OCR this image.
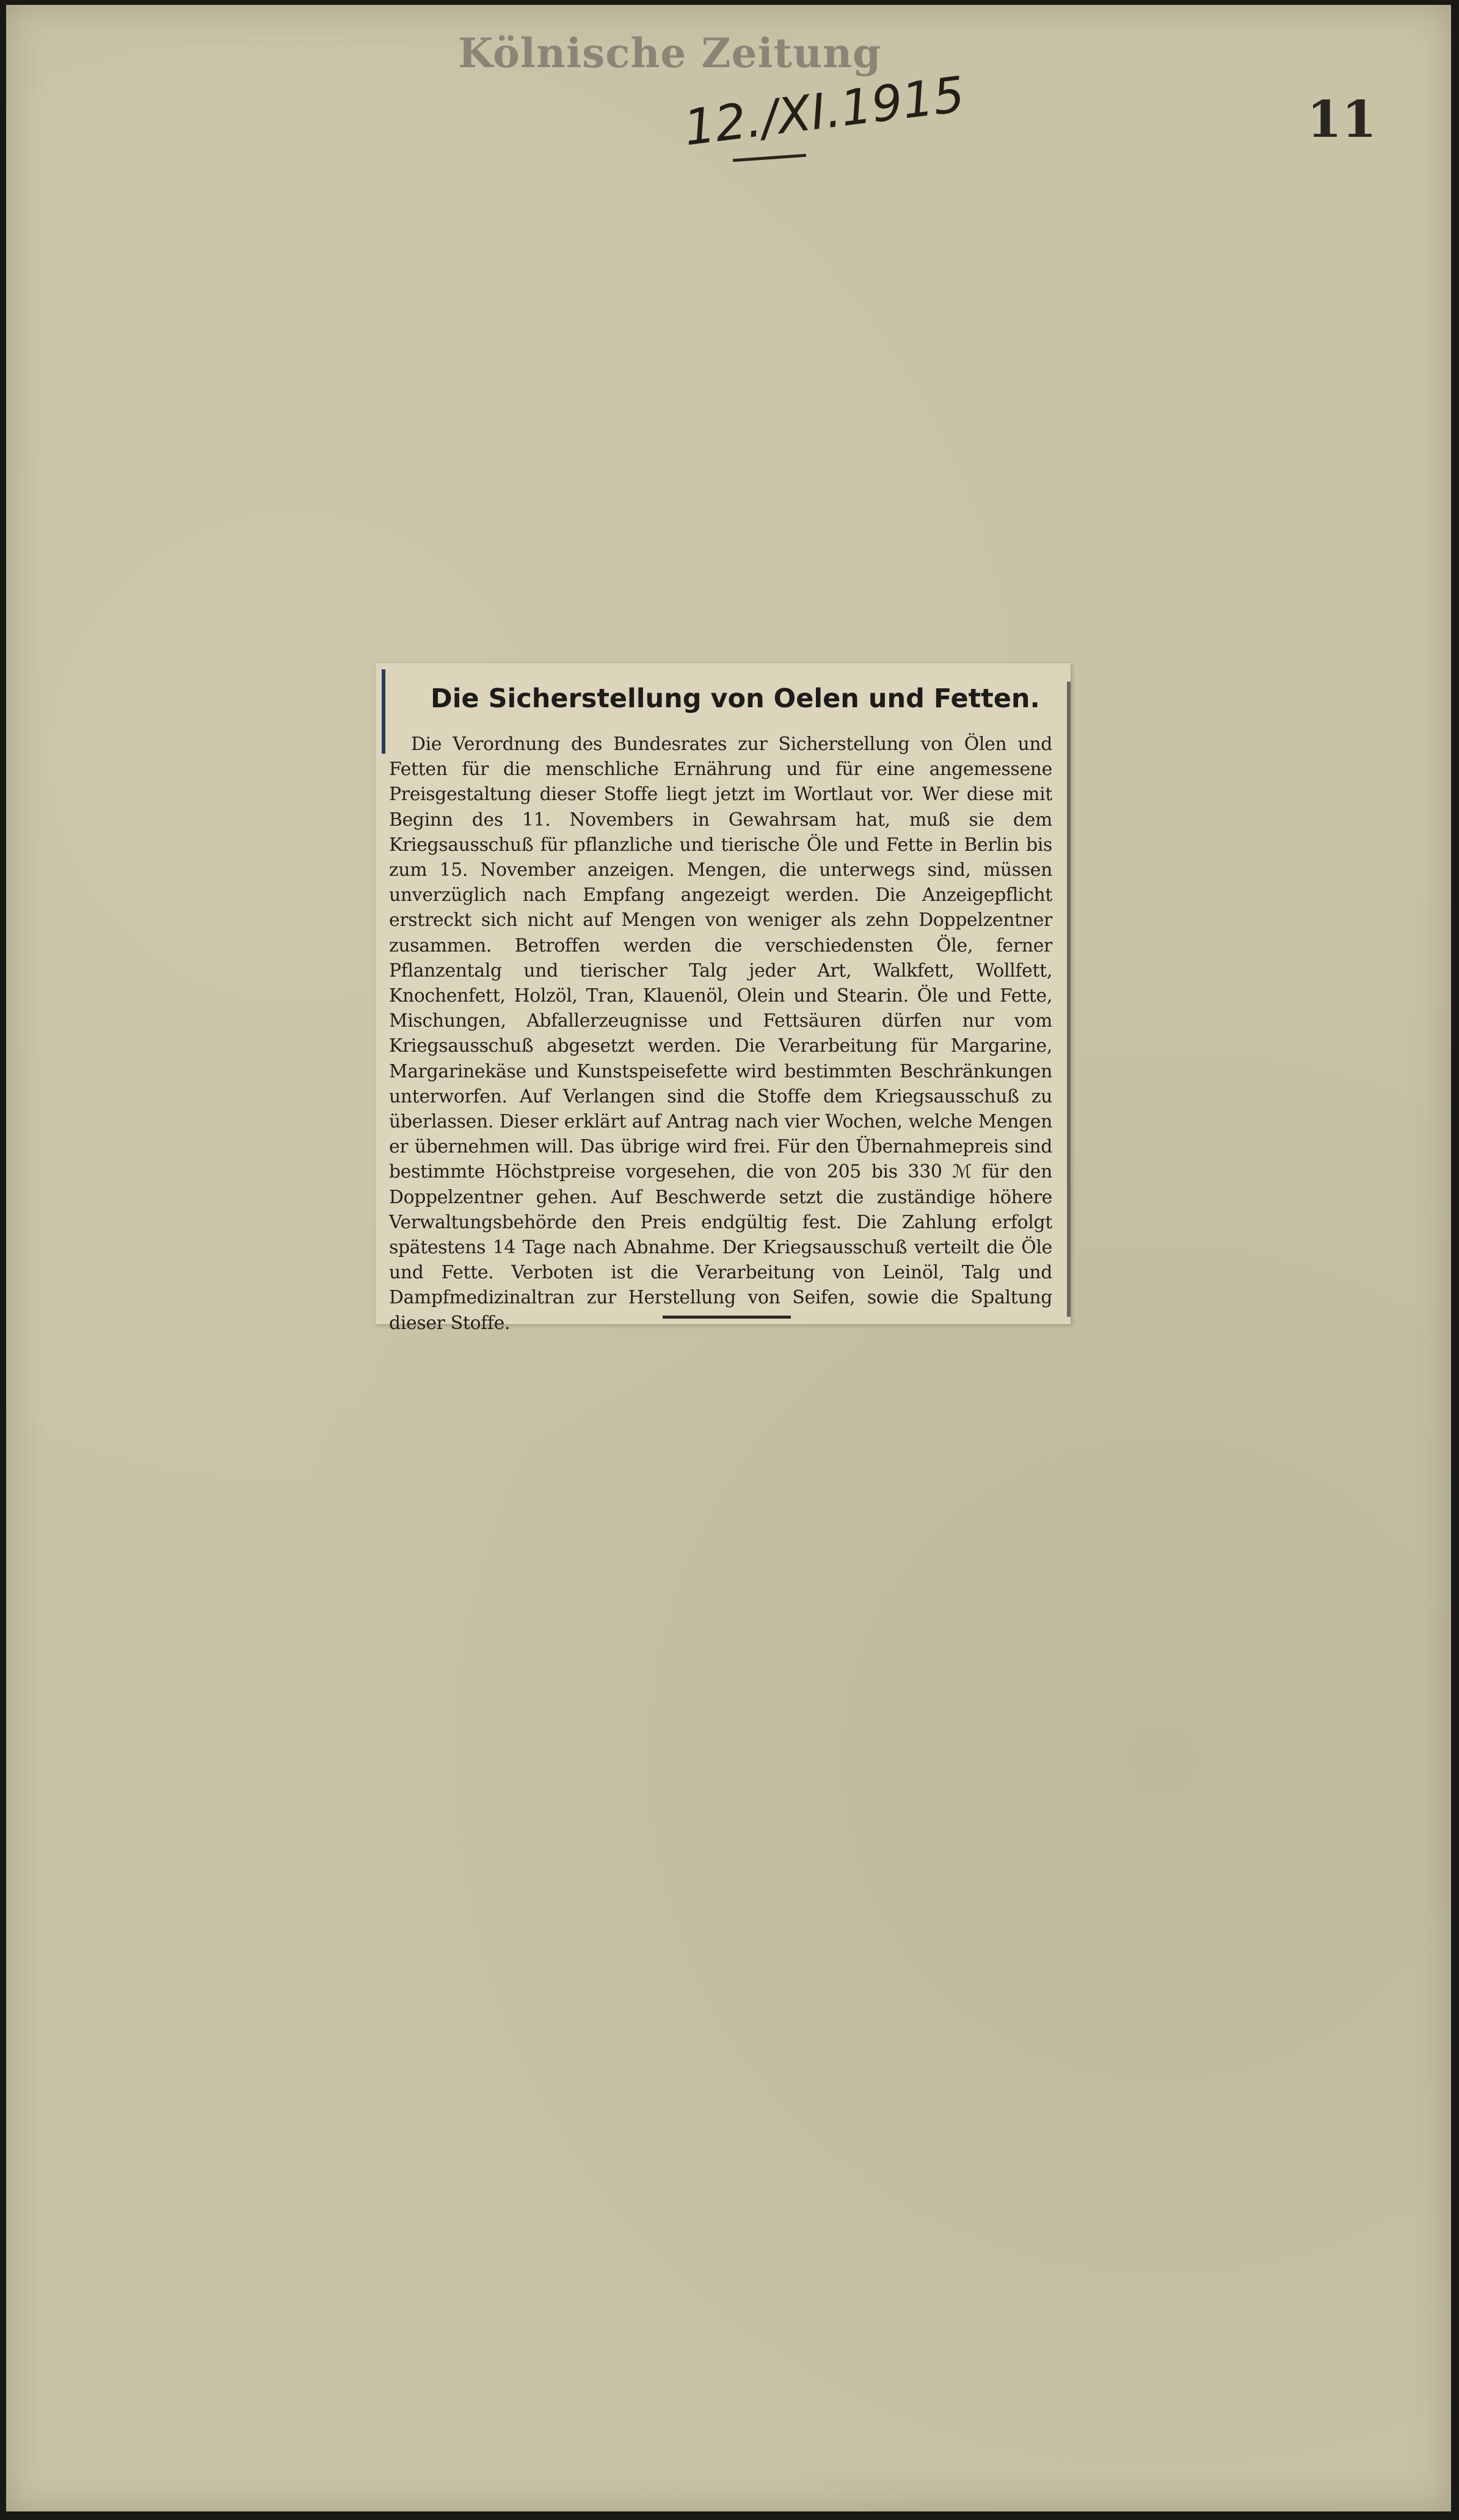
Kölnische Zeitung
12./XI.1915	11
Die Sicherstellung von Oelen und Fetten.

Die Verordnung des Bundesrates zur Sicherstellung von Ölen und Fetten für die menschliche Ernährung und für eine angemessene Preisgestaltung dieser Stoffe liegt jetzt im Wortlaut vor. Wer diese mit Beginn des 11. Novembers in Gewahrsam hat, muß sie dem Kriegsausschuß für pflanzliche und tierische Öle und Fette in Berlin bis zum 15. November anzeigen. Mengen, die unterwegs sind, müssen unverzüglich nach Empfang angezeigt werden. Die Anzeigepflicht erstreckt sich nicht auf Mengen von weniger als zehn Doppelzentner zusammen. Betroffen werden die verschiedensten Öle, ferner Pflanzentalg und tierischer Talg jeder Art, Walkfett, Wollfett, Knochenfett, Holzöl, Tran, Klauenöl, Olein und Stearin. Öle und Fette, Mischungen, Abfallerzeugnisse und Fettsäuren dürfen nur vom Kriegsausschuß abgesetzt werden. Die Verarbeitung für Margarine, Margarinekäse und Kunstspeisefette wird bestimmten Beschränkungen unterworfen. Auf Verlangen sind die Stoffe dem Kriegsausschuß zu überlassen. Dieser erklärt auf Antrag nach vier Wochen, welche Mengen er übernehmen will. Das übrige wird frei. Für den Übernahmepreis sind bestimmte Höchstpreise vorgesehen, die von 205 bis 330 ℳ für den Doppelzentner gehen. Auf Beschwerde setzt die zuständige höhere Verwaltungsbehörde den Preis endgültig fest. Die Zahlung erfolgt spätestens 14 Tage nach Abnahme. Der Kriegsausschuß verteilt die Öle und Fette. Verboten ist die Verarbeitung von Leinöl, Talg und Dampfmedizinaltran zur Herstellung von Seifen, sowie die Spaltung dieser Stoffe.
